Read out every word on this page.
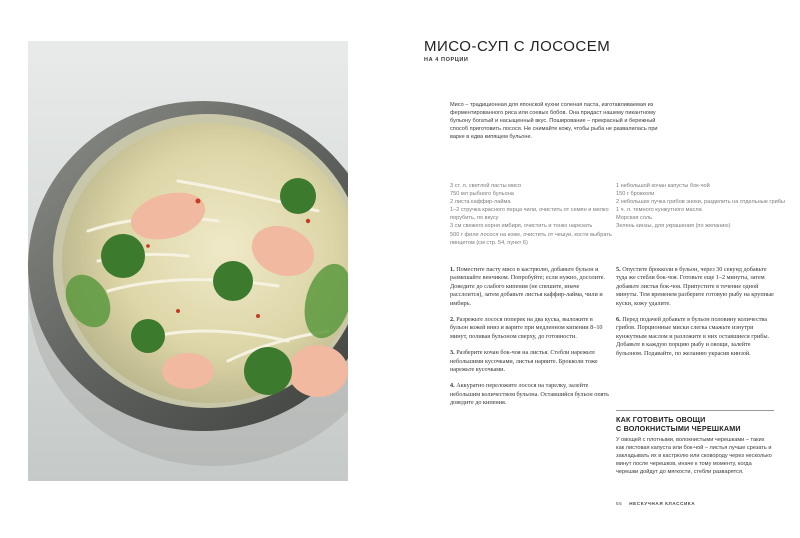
МИСО-СУП С ЛОСОСЕМ
НА 4 ПОРЦИИ
Мисо – традиционная для японской кухни соленая паста, изготавливаемая из ферментированного риса или соевых бобов. Она придаст нашему пикантному бульону богатый и насыщенный вкус. Пошированиe – прекрасный и бережный способ приготовить лосося. Не снимайте кожу, чтобы рыба не развалилась при варке в едва кипящем бульоне.
3 ст. л. светлой пасты мисо
750 мл рыбного бульона
2 листа каффир-лайма
1–2 стручка красного перца чили, очистить от семян и мелко порубить, по вкусу
3 см свежего корня имбиря, очистить и тонко нарезать
500 г филе лосося на коже, очистить от чешуи, кости выбрать пинцетом (см стр. 54, пункт 6)
1 небольшой кочан капусты бок-чой
150 г брокколи
2 небольших пучка грибов эноки, разделить на отдельные грибы
1 ч. л. темного кунжутного масла
Морская соль
Зелень кинзы, для украшения (по желанию)
1. Поместите пасту мисо в кастрюлю, добавьте бульон и размешайте венчиком. Попробуйте; если нужно, досолите. Доведите до слабого кипения (не спешите, иначе расслоится), затем добавьте листья каффир-лайма, чили и имбирь.
2. Разрежьте лосося поперек на два куска, выложите в бульон кожей вниз и варите при медленном кипении 8–10 минут, поливая бульоном сверху, до готовности.
3. Разберите кочан бок-чоя на листья. Стебли нарежьте небольшими кусочками, листья нарвите. Брокколи тоже нарежьте кусочками.
4. Аккуратно переложите лосося на тарелку, залейте небольшим количеством бульона. Оставшийся бульон опять доведите до кипения.
5. Опустите брокколи в бульон, через 30 секунд добавьте туда же стебли бок-чоя. Готовьте еще 1–2 минуты, затем добавьте листья бок-чоя. Припустите в течение одной минуты. Тем временем разберите готовую рыбу на крупные куски, кожу удалите.
6. Перед подачей добавьте в бульон половину количества грибов. Порционные миски слегка смажьте изнутри кунжутным маслом и разложите в них оставшиеся грибы. Добавьте в каждую порцию рыбу и овощи, залейте бульоном. Подавайте, по желанию украсив кинзой.
КАК ГОТОВИТЬ ОВОЩИ
С ВОЛОКНИСТЫМИ ЧЕРЕШКАМИ
У овощей с плотными, волокнистыми черешками – таких как листовая капуста или бок-чой – листья лучше срезать и закладывать их в кастрюлю или сковороду через несколько минут после черешков, иначе к тому моменту, когда черешки дойдут до мягкости, стебли разварятся.
55 НЕСКУЧНАЯ КЛАССИКА
